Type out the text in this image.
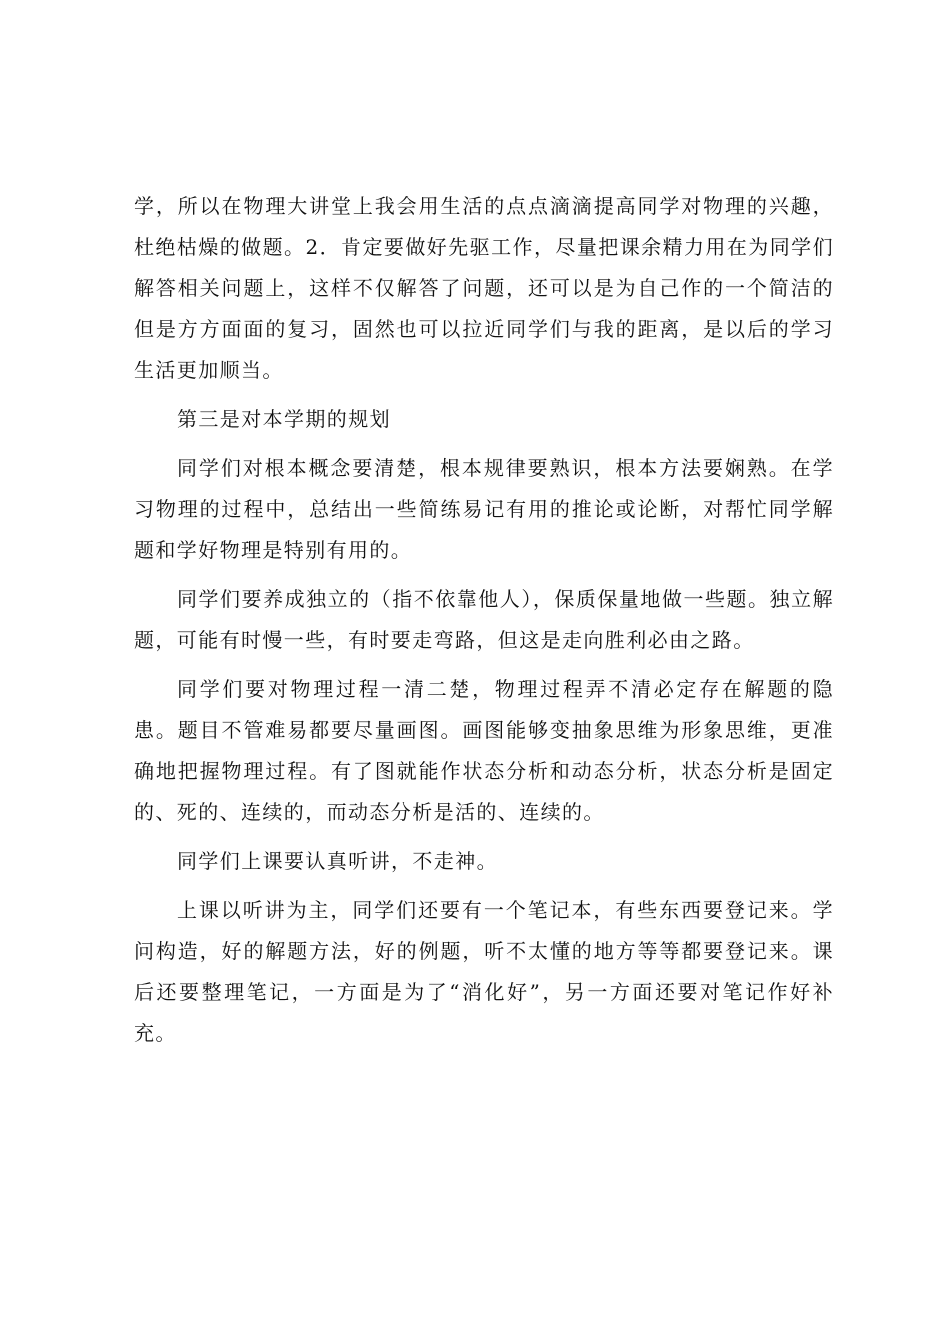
学，所以在物理大讲堂上我会用生活的点点滴滴提高同学对物理的兴趣，杜绝枯燥的做题。2．肯定要做好先驱工作，尽量把课余精力用在为同学们解答相关问题上，这样不仅解答了问题，还可以是为自己作的一个简洁的但是方方面面的复习，固然也可以拉近同学们与我的距离，是以后的学习生活更加顺当。

第三是对本学期的规划

同学们对根本概念要清楚，根本规律要熟识，根本方法要娴熟。在学习物理的过程中，总结出一些简练易记有用的推论或论断，对帮忙同学解题和学好物理是特别有用的。

同学们要养成独立的（指不依靠他人），保质保量地做一些题。独立解题，可能有时慢一些，有时要走弯路，但这是走向胜利必由之路。

同学们要对物理过程一清二楚，物理过程弄不清必定存在解题的隐患。题目不管难易都要尽量画图。画图能够变抽象思维为形象思维，更准确地把握物理过程。有了图就能作状态分析和动态分析，状态分析是固定的、死的、连续的，而动态分析是活的、连续的。

同学们上课要认真听讲，不走神。

上课以听讲为主，同学们还要有一个笔记本，有些东西要登记来。学问构造，好的解题方法，好的例题，听不太懂的地方等等都要登记来。课后还要整理笔记，一方面是为了“消化好”，另一方面还要对笔记作好补充。
